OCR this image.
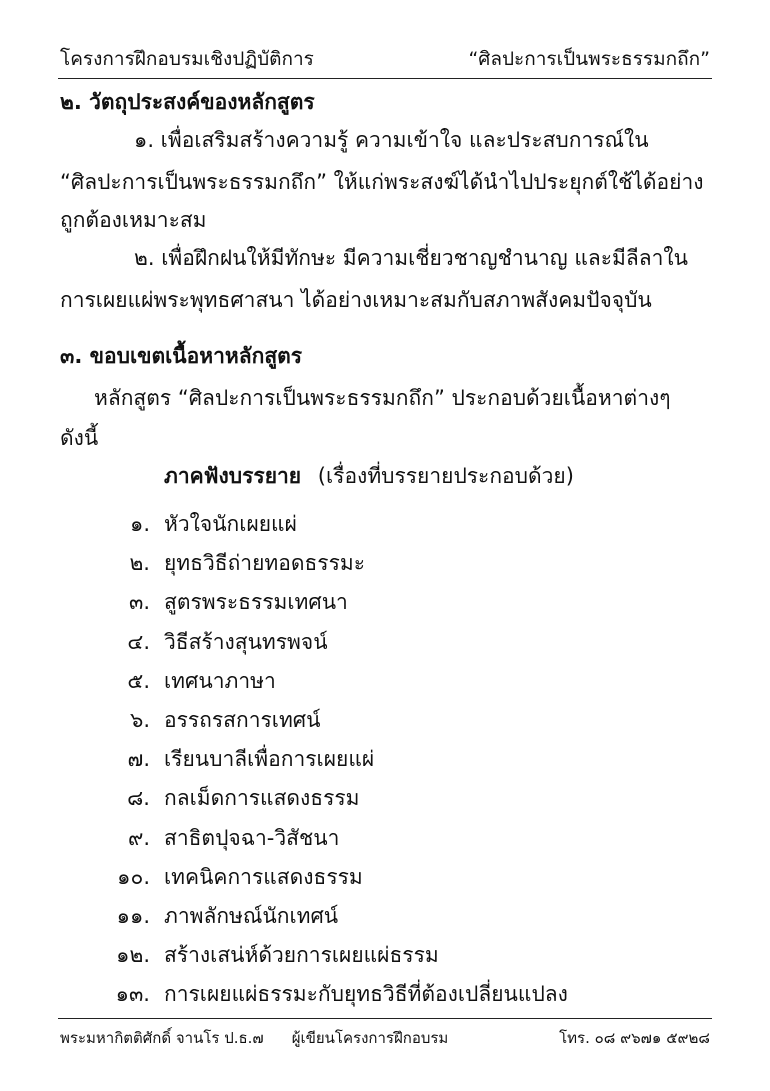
โครงการฝึกอบรมเชิงปฏิบัติการ	“ศิลปะการเป็นพระธรรมกถึก”
๒. วัตถุประสงค์ของหลักสูตร
๑. เพื่อเสริมสร้างความรู้ ความเข้าใจ และประสบการณ์ใน
“ศิลปะการเป็นพระธรรมกถึก” ให้แก่พระสงฆ์ได้นำไปประยุกต์ใช้ได้อย่าง
ถูกต้องเหมาะสม
๒. เพื่อฝึกฝนให้มีทักษะ มีความเชี่ยวชาญชำนาญ และมีลีลาใน
การเผยแผ่พระพุทธศาสนา ได้อย่างเหมาะสมกับสภาพสังคมปัจจุบัน
๓. ขอบเขตเนื้อหาหลักสูตร
หลักสูตร “ศิลปะการเป็นพระธรรมกถึก” ประกอบด้วยเนื้อหาต่างๆ
ดังนี้
ภาคฟังบรรยาย (เรื่องที่บรรยายประกอบด้วย)
๑. หัวใจนักเผยแผ่
๒. ยุทธวิธีถ่ายทอดธรรมะ
๓. สูตรพระธรรมเทศนา
๔. วิธีสร้างสุนทรพจน์
๕. เทศนาภาษา
๖. อรรถรสการเทศน์
๗. เรียนบาลีเพื่อการเผยแผ่
๘. กลเม็ดการแสดงธรรม
๙. สาธิตปุจฉา-วิสัชนา
๑๐. เทคนิคการแสดงธรรม
๑๑. ภาพลักษณ์นักเทศน์
๑๒. สร้างเสน่ห์ด้วยการเผยแผ่ธรรม
๑๓. การเผยแผ่ธรรมะกับยุทธวิธีที่ต้องเปลี่ยนแปลง
พระมหากิตติศักดิ์ จานโร ป.ธ.๗ ผู้เขียนโครงการฝึกอบรม	โทร. ๐๘ ๙๖๗๑ ๕๙๒๘
